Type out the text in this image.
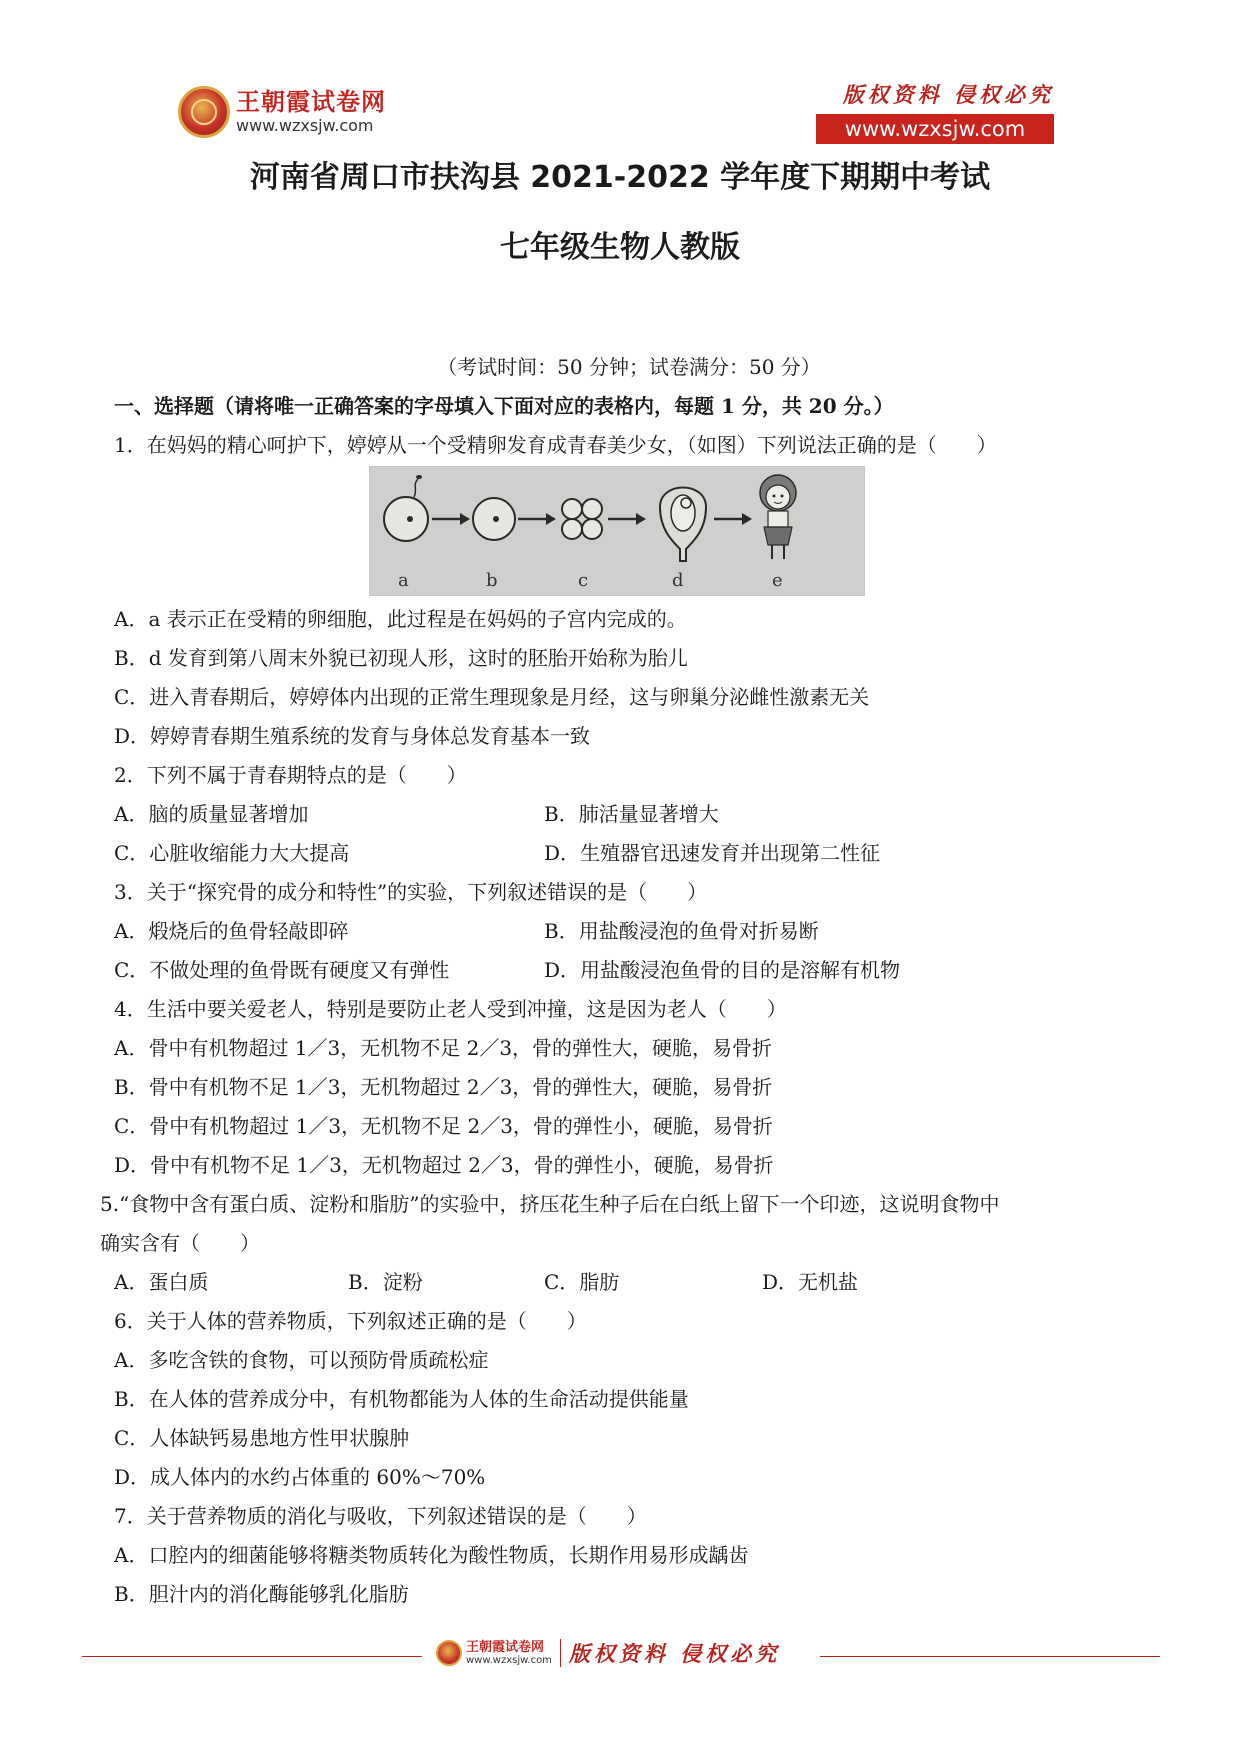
王朝霞试卷网
www.wzxsjw.com
版权资料 侵权必究
www.wzxsjw.com
河南省周口市扶沟县 2021-2022 学年度下期期中考试
七年级生物人教版
（考试时间：50 分钟；试卷满分：50 分）
一、选择题（请将唯一正确答案的字母填入下面对应的表格内，每题 1 分，共 20 分。）
1．在妈妈的精心呵护下，婷婷从一个受精卵发育成青春美少女，（如图）下列说法正确的是（　　）
a	b	c	d	e
A．a 表示正在受精的卵细胞，此过程是在妈妈的子宫内完成的。
B．d 发育到第八周末外貌已初现人形，这时的胚胎开始称为胎儿
C．进入青春期后，婷婷体内出现的正常生理现象是月经，这与卵巢分泌雌性激素无关
D．婷婷青春期生殖系统的发育与身体总发育基本一致
2．下列不属于青春期特点的是（　　）
A．脑的质量显著增加	B．肺活量显著增大
C．心脏收缩能力大大提高	D．生殖器官迅速发育并出现第二性征
3．关于“探究骨的成分和特性”的实验，下列叙述错误的是（　　）
A．煅烧后的鱼骨轻敲即碎	B．用盐酸浸泡的鱼骨对折易断
C．不做处理的鱼骨既有硬度又有弹性	D．用盐酸浸泡鱼骨的目的是溶解有机物
4．生活中要关爱老人，特别是要防止老人受到冲撞，这是因为老人（　　）
A．骨中有机物超过 1／3，无机物不足 2／3，骨的弹性大，硬脆，易骨折
B．骨中有机物不足 1／3，无机物超过 2／3，骨的弹性大，硬脆，易骨折
C．骨中有机物超过 1／3，无机物不足 2／3，骨的弹性小，硬脆，易骨折
D．骨中有机物不足 1／3，无机物超过 2／3，骨的弹性小，硬脆，易骨折
5.“食物中含有蛋白质、淀粉和脂肪”的实验中，挤压花生种子后在白纸上留下一个印迹，这说明食物中
确实含有（　　）
A．蛋白质	B．淀粉	C．脂肪	D．无机盐
6．关于人体的营养物质，下列叙述正确的是（　　）
A．多吃含铁的食物，可以预防骨质疏松症
B．在人体的营养成分中，有机物都能为人体的生命活动提供能量
C．人体缺钙易患地方性甲状腺肿
D．成人体内的水约占体重的 60%～70%
7．关于营养物质的消化与吸收，下列叙述错误的是（　　）
A．口腔内的细菌能够将糖类物质转化为酸性物质，长期作用易形成龋齿
B．胆汁内的消化酶能够乳化脂肪
王朝霞试卷网
www.wzxsjw.com 版权资料 侵权必究
